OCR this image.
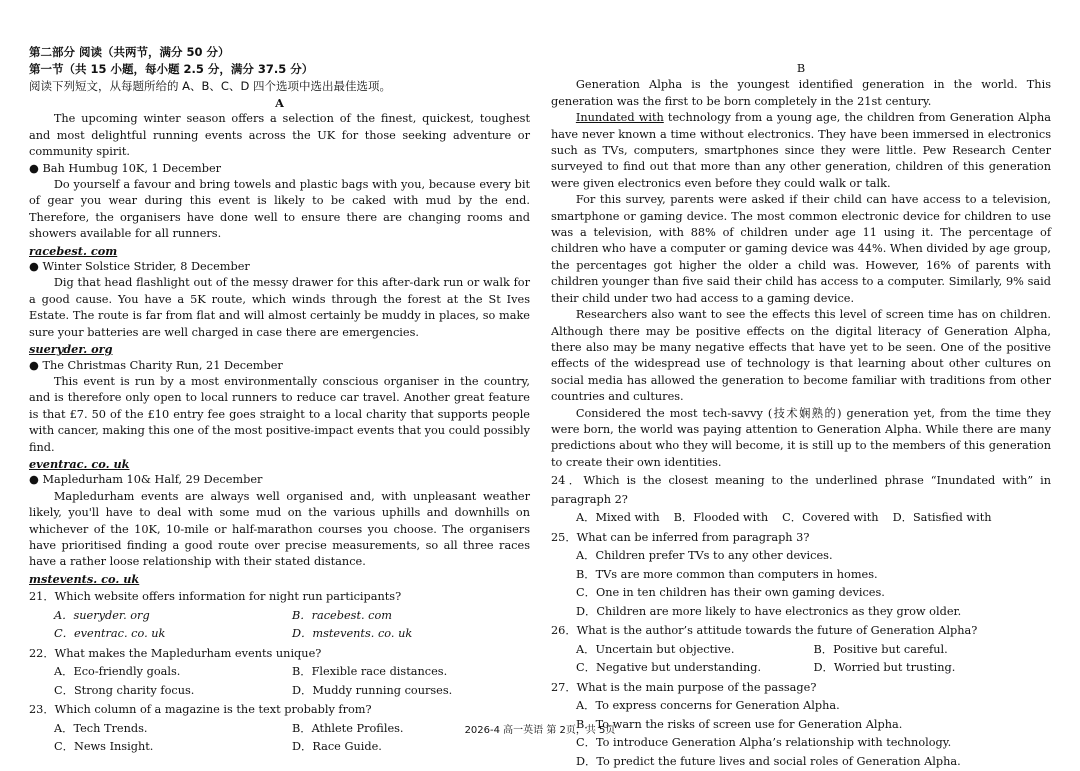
第二部分 阅读（共两节，满分 50 分）
第一节（共 15 小题，每小题 2.5 分，满分 37.5 分）
阅读下列短文，从每题所给的 A、B、C、D 四个选项中选出最佳选项。
A

The upcoming winter season offers a selection of the finest, quickest, toughest and most delightful running events across the UK for those seeking adventure or community spirit.

● Bah Humbug 10K, 1 December

Do yourself a favour and bring towels and plastic bags with you, because every bit of gear you wear during this event is likely to be caked with mud by the end. Therefore, the organisers have done well to ensure there are changing rooms and showers available for all runners.

racebest. com

● Winter Solstice Strider, 8 December

Dig that head flashlight out of the messy drawer for this after-dark run or walk for a good cause. You have a 5K route, which winds through the forest at the St Ives Estate. The route is far from flat and will almost certainly be muddy in places, so make sure your batteries are well charged in case there are emergencies.

sueryder. org

● The Christmas Charity Run, 21 December

This event is run by a most environmentally conscious organiser in the country, and is therefore only open to local runners to reduce car travel. Another great feature is that £7. 50 of the £10 entry fee goes straight to a local charity that supports people with cancer, making this one of the most positive-impact events that you could possibly find.

eventrac. co. uk

● Mapledurham 10& Half, 29 December

Mapledurham events are always well organised and, with unpleasant weather likely, you'll have to deal with some mud on the various uphills and downhills on whichever of the 10K, 10-mile or half-marathon courses you choose. The organisers have prioritised finding a good route over precise measurements, so all three races have a rather loose relationship with their stated distance.

mstevents. co. uk

21．Which website offers information for night run participants?
A．sueryder. org	B．racebest. com
C．eventrac. co. uk	D．mstevents. co. uk
22．What makes the Mapledurham events unique?
A．Eco-friendly goals.	B．Flexible race distances.
C．Strong charity focus.	D．Muddy running courses.
23．Which column of a magazine is the text probably from?
A．Tech Trends.	B．Athlete Profiles.
C．News Insight.	D．Race Guide.
B

Generation Alpha is the youngest identified generation in the world. This generation was the first to be born completely in the 21st century.

Inundated with technology from a young age, the children from Generation Alpha have never known a time without electronics. They have been immersed in electronics such as TVs, computers, smartphones since they were little. Pew Research Center surveyed to find out that more than any other generation, children of this generation were given electronics even before they could walk or talk.

For this survey, parents were asked if their child can have access to a television, smartphone or gaming device. The most common electronic device for children to use was a television, with 88% of children under age 11 using it. The percentage of children who have a computer or gaming device was 44%. When divided by age group, the percentages got higher the older a child was. However, 16% of parents with children younger than five said their child has access to a computer. Similarly, 9% said their child under two had access to a gaming device.

Researchers also want to see the effects this level of screen time has on children. Although there may be positive effects on the digital literacy of Generation Alpha, there also may be many negative effects that have yet to be seen. One of the positive effects of the widespread use of technology is that learning about other cultures on social media has allowed the generation to become familiar with traditions from other countries and cultures.

Considered the most tech-savvy (技术娴熟的) generation yet, from the time they were born, the world was paying attention to Generation Alpha. While there are many predictions about who they will become, it is still up to the members of this generation to create their own identities.

24．Which is the closest meaning to the underlined phrase “Inundated with” in paragraph 2?
A．Mixed with B．Flooded with C．Covered with D．Satisfied with
25．What can be inferred from paragraph 3?
A．Children prefer TVs to any other devices.
B．TVs are more common than computers in homes.
C．One in ten children has their own gaming devices.
D．Children are more likely to have electronics as they grow older.
26．What is the author’s attitude towards the future of Generation Alpha?
A．Uncertain but objective.	B．Positive but careful.
C．Negative but understanding.	D．Worried but trusting.
27．What is the main purpose of the passage?
A．To express concerns for Generation Alpha.
B．To warn the risks of screen use for Generation Alpha.
C．To introduce Generation Alpha’s relationship with technology.
D．To predict the future lives and social roles of Generation Alpha.
2026-4 高一英语 第 2页，共 5页
